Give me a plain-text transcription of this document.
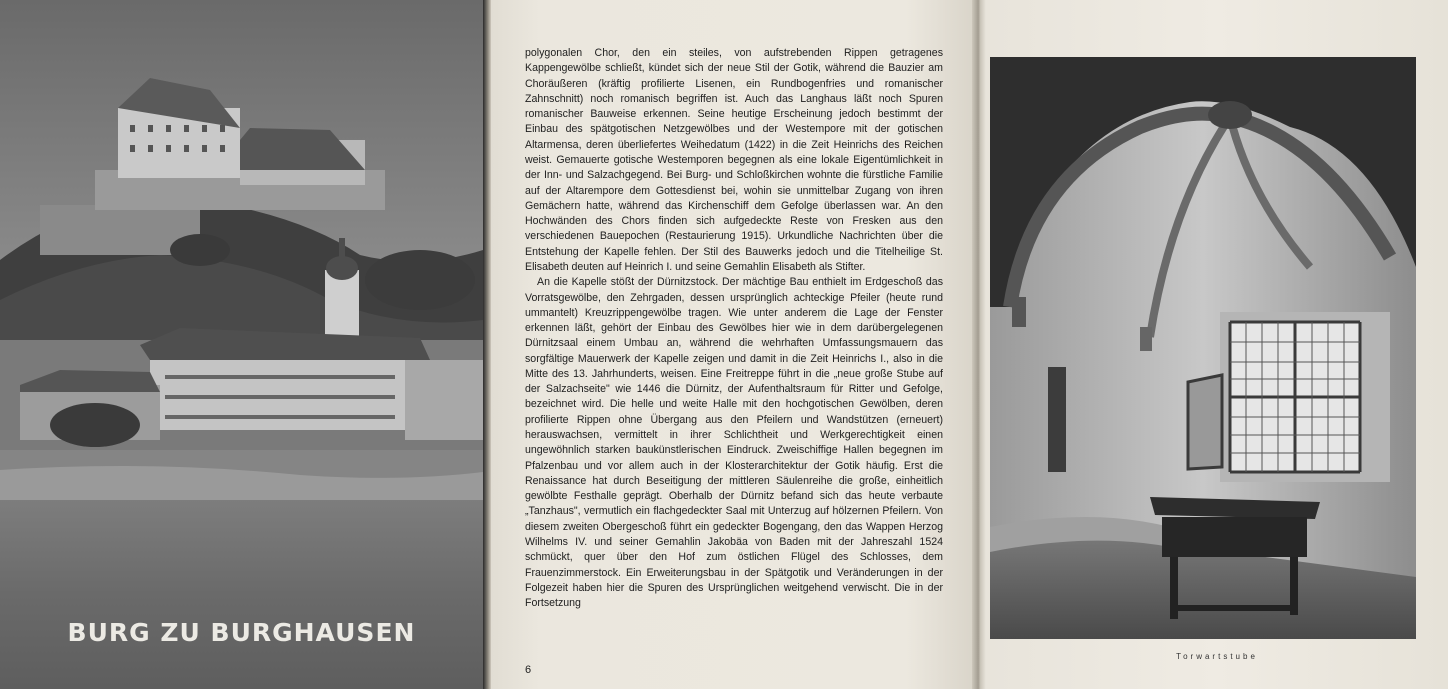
BURG ZU BURGHAUSEN

polygonalen Chor, den ein steiles, von aufstrebenden Rippen getragenes Kappengewölbe schließt, kündet sich der neue Stil der Gotik, während die Bauzier am Choräußeren (kräftig profilierte Lisenen, ein Rundbogenfries und romanischer Zahnschnitt) noch romanisch begriffen ist. Auch das Langhaus läßt noch Spuren romanischer Bauweise erkennen. Seine heutige Erscheinung jedoch bestimmt der Einbau des spätgotischen Netzgewölbes und der Westempore mit der gotischen Altarmensa, deren überliefertes Weihedatum (1422) in die Zeit Heinrichs des Reichen weist. Gemauerte gotische Westemporen begegnen als eine lokale Eigentümlichkeit in der Inn- und Salzachgegend. Bei Burg- und Schloßkirchen wohnte die fürstliche Familie auf der Altarempore dem Gottesdienst bei, wohin sie unmittelbar Zugang von ihren Gemächern hatte, während das Kirchenschiff dem Gefolge überlassen war. An den Hochwänden des Chors finden sich aufgedeckte Reste von Fresken aus den verschiedenen Bauepochen (Restaurierung 1915). Urkundliche Nachrichten über die Entstehung der Kapelle fehlen. Der Stil des Bauwerks jedoch und die Titelheilige St. Elisabeth deuten auf Heinrich I. und seine Gemahlin Elisabeth als Stifter.

An die Kapelle stößt der Dürnitzstock. Der mächtige Bau enthielt im Erdgeschoß das Vorratsgewölbe, den Zehrgaden, dessen ursprünglich achteckige Pfeiler (heute rund ummantelt) Kreuzrippengewölbe tragen. Wie unter anderem die Lage der Fenster erkennen läßt, gehört der Einbau des Gewölbes hier wie in dem darübergelegenen Dürnitzsaal einem Umbau an, während die wehrhaften Umfassungsmauern das sorgfältige Mauerwerk der Kapelle zeigen und damit in die Zeit Heinrichs I., also in die Mitte des 13. Jahrhunderts, weisen. Eine Freitreppe führt in die „neue große Stube auf der Salzachseite" wie 1446 die Dürnitz, der Aufenthaltsraum für Ritter und Gefolge, bezeichnet wird. Die helle und weite Halle mit den hochgotischen Gewölben, deren profilierte Rippen ohne Übergang aus den Pfeilern und Wandstützen (erneuert) herauswachsen, vermittelt in ihrer Schlichtheit und Werkgerechtigkeit einen ungewöhnlich starken baukünstlerischen Eindruck. Zweischiffige Hallen begegnen im Pfalzenbau und vor allem auch in der Klosterarchitektur der Gotik häufig. Erst die Renaissance hat durch Beseitigung der mittleren Säulenreihe die große, einheitlich gewölbte Festhalle geprägt. Oberhalb der Dürnitz befand sich das heute verbaute „Tanzhaus", vermutlich ein flachgedeckter Saal mit Unterzug auf hölzernen Pfeilern. Von diesem zweiten Obergeschoß führt ein gedeckter Bogengang, den das Wappen Herzog Wilhelms IV. und seiner Gemahlin Jakobäa von Baden mit der Jahreszahl 1524 schmückt, quer über den Hof zum östlichen Flügel des Schlosses, dem Frauenzimmerstock. Ein Erweiterungsbau in der Spätgotik und Veränderungen in der Folgezeit haben hier die Spuren des Ursprünglichen weitgehend verwischt. Die in der Fortsetzung

6
Torwartstube
